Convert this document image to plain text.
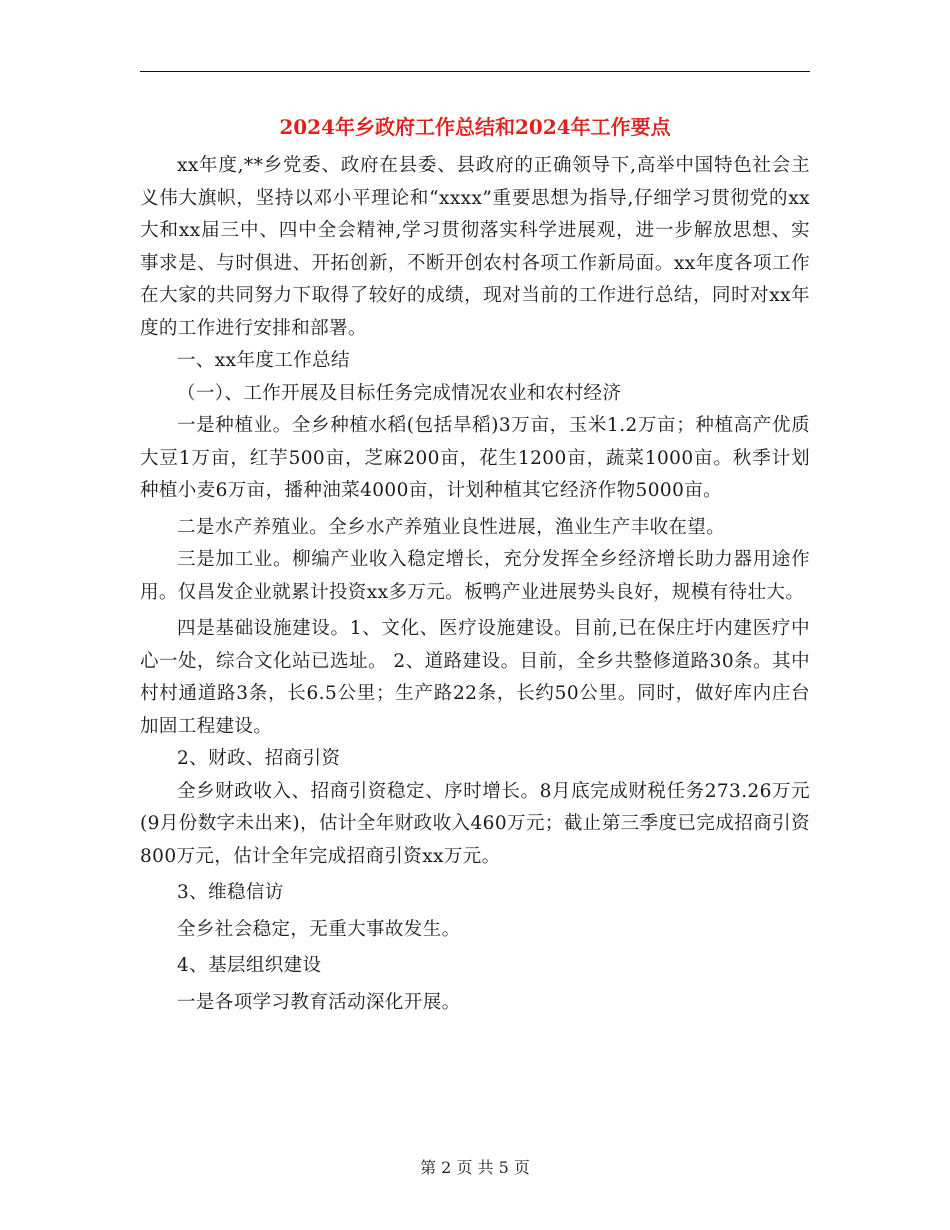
2024年乡政府工作总结和2024年工作要点

xx年度,**乡党委、政府在县委、县政府的正确领导下,高举中国特色社会主义伟大旗帜，坚持以邓小平理论和“xxxx”重要思想为指导,仔细学习贯彻党的xx大和xx届三中、四中全会精神,学习贯彻落实科学进展观，进一步解放思想、实事求是、与时俱进、开拓创新，不断开创农村各项工作新局面。xx年度各项工作在大家的共同努力下取得了较好的成绩，现对当前的工作进行总结，同时对xx年度的工作进行安排和部署。

一、xx年度工作总结

（一）、工作开展及目标任务完成情况农业和农村经济

一是种植业。全乡种植水稻(包括旱稻)3万亩，玉米1.2万亩；种植高产优质大豆1万亩，红芋500亩，芝麻200亩，花生1200亩，蔬菜1000亩。秋季计划种植小麦6万亩，播种油菜4000亩，计划种植其它经济作物5000亩。

二是水产养殖业。全乡水产养殖业良性进展，渔业生产丰收在望。

三是加工业。柳编产业收入稳定增长，充分发挥全乡经济增长助力器用途作用。仅昌发企业就累计投资xx多万元。板鸭产业进展势头良好，规模有待壮大。

四是基础设施建设。1、文化、医疗设施建设。目前,已在保庄圩内建医疗中心一处，综合文化站已选址。 2、道路建设。目前，全乡共整修道路30条。其中村村通道路3条，长6.5公里；生产路22条，长约50公里。同时，做好库内庄台加固工程建设。

2、财政、招商引资

全乡财政收入、招商引资稳定、序时增长。8月底完成财税任务273.26万元(9月份数字未出来)，估计全年财政收入460万元；截止第三季度已完成招商引资800万元，估计全年完成招商引资xx万元。

3、维稳信访

全乡社会稳定，无重大事故发生。

4、基层组织建设

一是各项学习教育活动深化开展。

第 2 页 共 5 页
